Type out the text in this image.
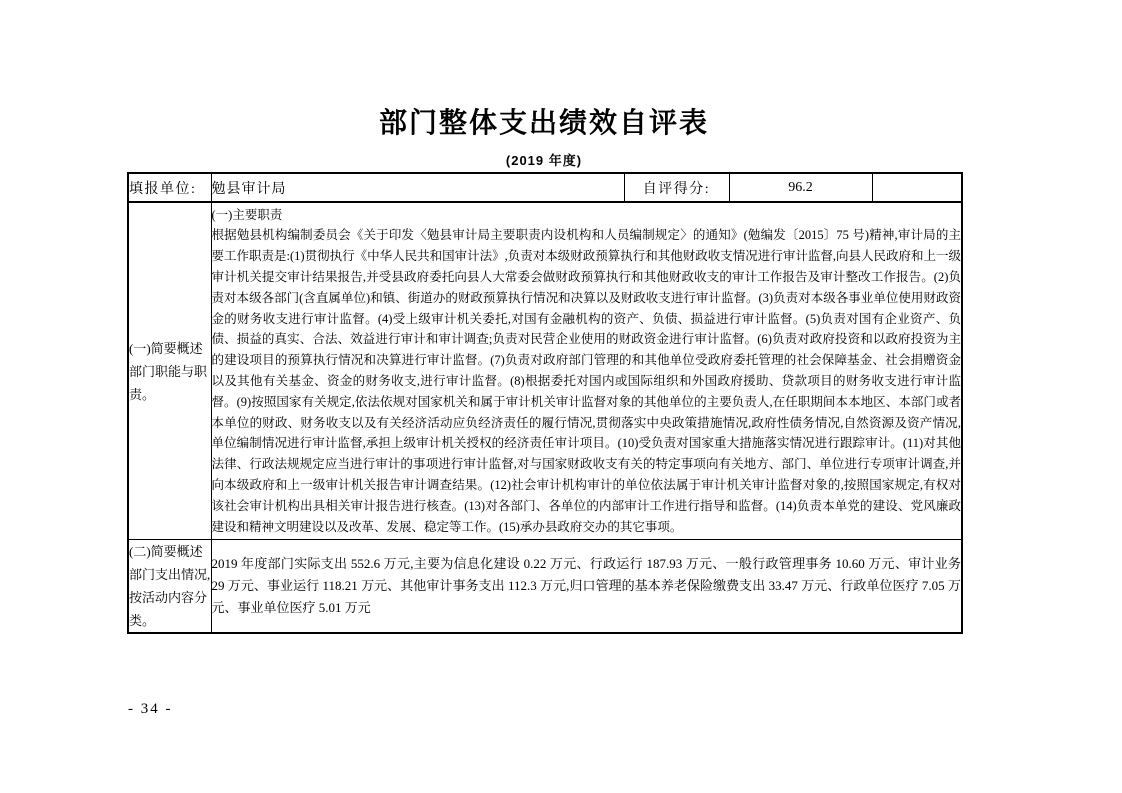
部门整体支出绩效自评表
(2019 年度)
填报单位:	勉县审计局	自评得分:	96.2	
(一)简要概述部门职能与职责。	(一)主要职责
根据勉县机构编制委员会《关于印发〈勉县审计局主要职责内设机构和人员编制规定〉的通知》(勉编发〔2015〕75 号)精神,审计局的主要工作职责是:(1)贯彻执行《中华人民共和国审计法》,负责对本级财政预算执行和其他财政收支情况进行审计监督,向县人民政府和上一级审计机关提交审计结果报告,并受县政府委托向县人大常委会做财政预算执行和其他财政收支的审计工作报告及审计整改工作报告。(2)负责对本级各部门(含直属单位)和镇、街道办的财政预算执行情况和决算以及财政收支进行审计监督。(3)负责对本级各事业单位使用财政资金的财务收支进行审计监督。(4)受上级审计机关委托,对国有金融机构的资产、负债、损益进行审计监督。(5)负责对国有企业资产、负债、损益的真实、合法、效益进行审计和审计调查;负责对民营企业使用的财政资金进行审计监督。(6)负责对政府投资和以政府投资为主的建设项目的预算执行情况和决算进行审计监督。(7)负责对政府部门管理的和其他单位受政府委托管理的社会保障基金、社会捐赠资金以及其他有关基金、资金的财务收支,进行审计监督。(8)根据委托对国内或国际组织和外国政府援助、贷款项目的财务收支进行审计监督。(9)按照国家有关规定,依法依规对国家机关和属于审计机关审计监督对象的其他单位的主要负责人,在任职期间本本地区、本部门或者本单位的财政、财务收支以及有关经济活动应负经济责任的履行情况,贯彻落实中央政策措施情况,政府性债务情况,自然资源及资产情况,单位编制情况进行审计监督,承担上级审计机关授权的经济责任审计项目。(10)受负责对国家重大措施落实情况进行跟踪审计。(11)对其他法律、行政法规规定应当进行审计的事项进行审计监督,对与国家财政收支有关的特定事项向有关地方、部门、单位进行专项审计调查,并向本级政府和上一级审计机关报告审计调查结果。(12)社会审计机构审计的单位依法属于审计机关审计监督对象的,按照国家规定,有权对该社会审计机构出具相关审计报告进行核查。(13)对各部门、各单位的内部审计工作进行指导和监督。(14)负责本单党的建设、党风廉政建设和精神文明建设以及改革、发展、稳定等工作。(15)承办县政府交办的其它事项。			

(二)简要概述部门支出情况,按活动内容分类。	2019 年度部门实际支出 552.6 万元,主要为信息化建设 0.22 万元、行政运行 187.93 万元、一般行政管理事务 10.60 万元、审计业务 29 万元、事业运行 118.21 万元、其他审计事务支出 112.3 万元,归口管理的基本养老保险缴费支出 33.47 万元、行政单位医疗 7.05 万元、事业单位医疗 5.01 万元			
- 34 -
